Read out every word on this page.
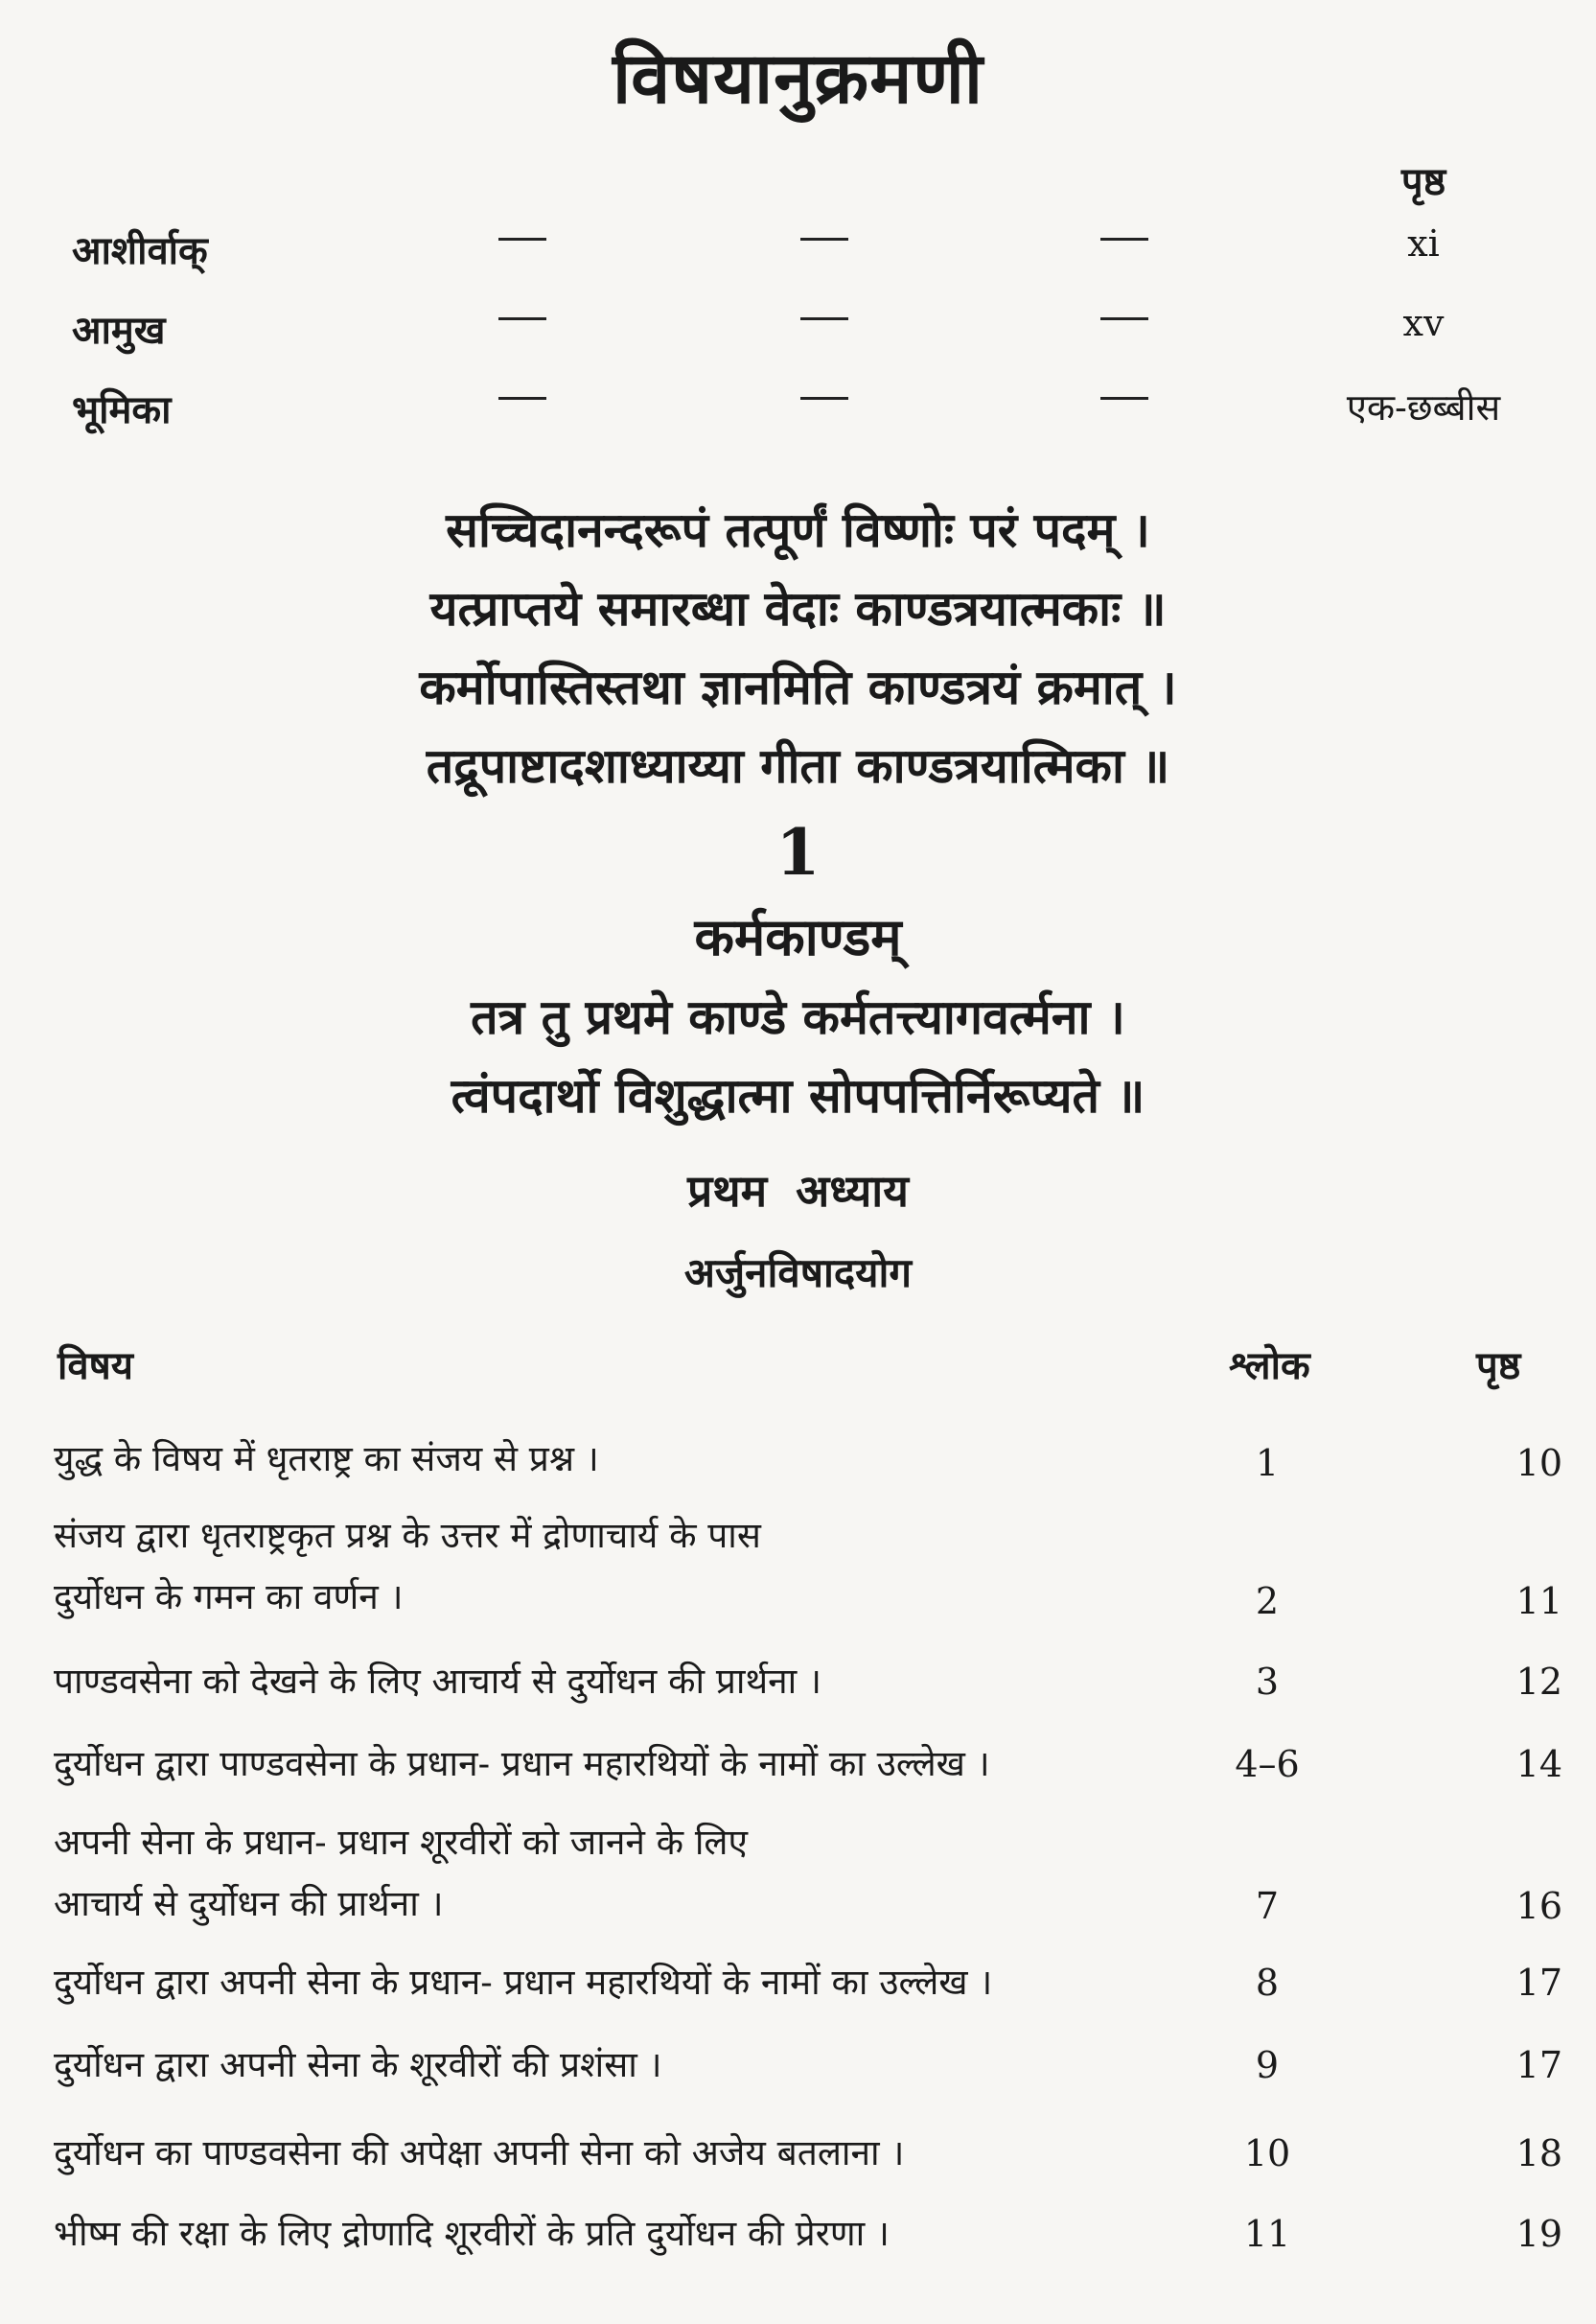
विषयानुक्रमणी
पृष्ठ
आशीर्वाक्	xi
आमुख	xv
भूमिका	एक-छब्बीस
सच्चिदानन्दरूपं तत्पूर्णं विष्णोः परं पदम् ।
यत्प्राप्तये समारब्धा वेदाः काण्डत्रयात्मकाः ॥
कर्मोपास्तिस्तथा ज्ञानमिति काण्डत्रयं क्रमात् ।
तद्रूपाष्टादशाध्याय्या गीता काण्डत्रयात्मिका ॥
1
कर्मकाण्डम्
तत्र तु प्रथमे काण्डे कर्मतत्त्यागवर्त्मना ।
त्वंपदार्थो विशुद्धात्मा सोपपत्तिर्निरूप्यते ॥
प्रथम अध्याय
अर्जुनविषादयोग
विषय	श्लोक	पृष्ठ
युद्ध के विषय में धृतराष्ट्र का संजय से प्रश्न ।	1	10
संजय द्वारा धृतराष्ट्रकृत प्रश्न के उत्तर में द्रोणाचार्य के पास
दुर्योधन के गमन का वर्णन ।	2	11
पाण्डवसेना को देखने के लिए आचार्य से दुर्योधन की प्रार्थना ।	3	12
दुर्योधन द्वारा पाण्डवसेना के प्रधान- प्रधान महारथियों के नामों का उल्लेख ।	4–6	14
अपनी सेना के प्रधान- प्रधान शूरवीरों को जानने के लिए
आचार्य से दुर्योधन की प्रार्थना ।	7	16
दुर्योधन द्वारा अपनी सेना के प्रधान- प्रधान महारथियों के नामों का उल्लेख ।	8	17
दुर्योधन द्वारा अपनी सेना के शूरवीरों की प्रशंसा ।	9	17
दुर्योधन का पाण्डवसेना की अपेक्षा अपनी सेना को अजेय बतलाना ।	10	18
भीष्म की रक्षा के लिए द्रोणादि शूरवीरों के प्रति दुर्योधन की प्रेरणा ।	11	19
